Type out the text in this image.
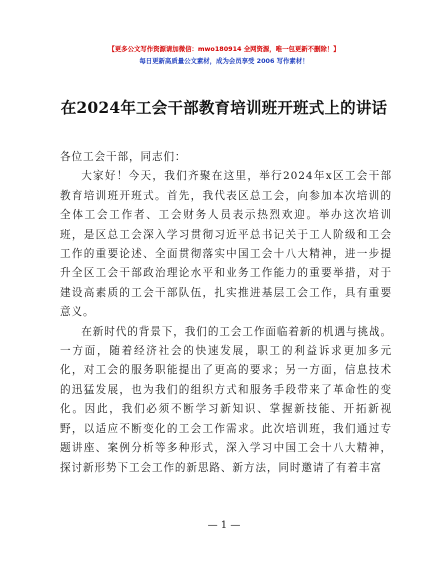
【更多公文写作资源请加微信：mwo180914 全网资源，唯一包更新不删除！】
每日更新高质量公文素材，成为会员享受 2006 写作素材！
在2024年工会干部教育培训班开班式上的讲话

各位工会干部，同志们：

大家好！今天，我们齐聚在这里，举行2024年x区工会干部教育培训班开班式。首先，我代表区总工会，向参加本次培训的全体工会工作者、工会财务人员表示热烈欢迎。举办这次培训班，是区总工会深入学习贯彻习近平总书记关于工人阶级和工会工作的重要论述、全面贯彻落实中国工会十八大精神，进一步提升全区工会干部政治理论水平和业务工作能力的重要举措，对于建设高素质的工会干部队伍，扎实推进基层工会工作，具有重要意义。

在新时代的背景下，我们的工会工作面临着新的机遇与挑战。一方面，随着经济社会的快速发展，职工的利益诉求更加多元化，对工会的服务职能提出了更高的要求；另一方面，信息技术的迅猛发展，也为我们的组织方式和服务手段带来了革命性的变化。因此，我们必须不断学习新知识、掌握新技能、开拓新视野，以适应不断变化的工会工作需求。此次培训班，我们通过专题讲座、案例分析等多种形式，深入学习中国工会十八大精神，探讨新形势下工会工作的新思路、新方法，同时邀请了有着丰富

— 1 —
